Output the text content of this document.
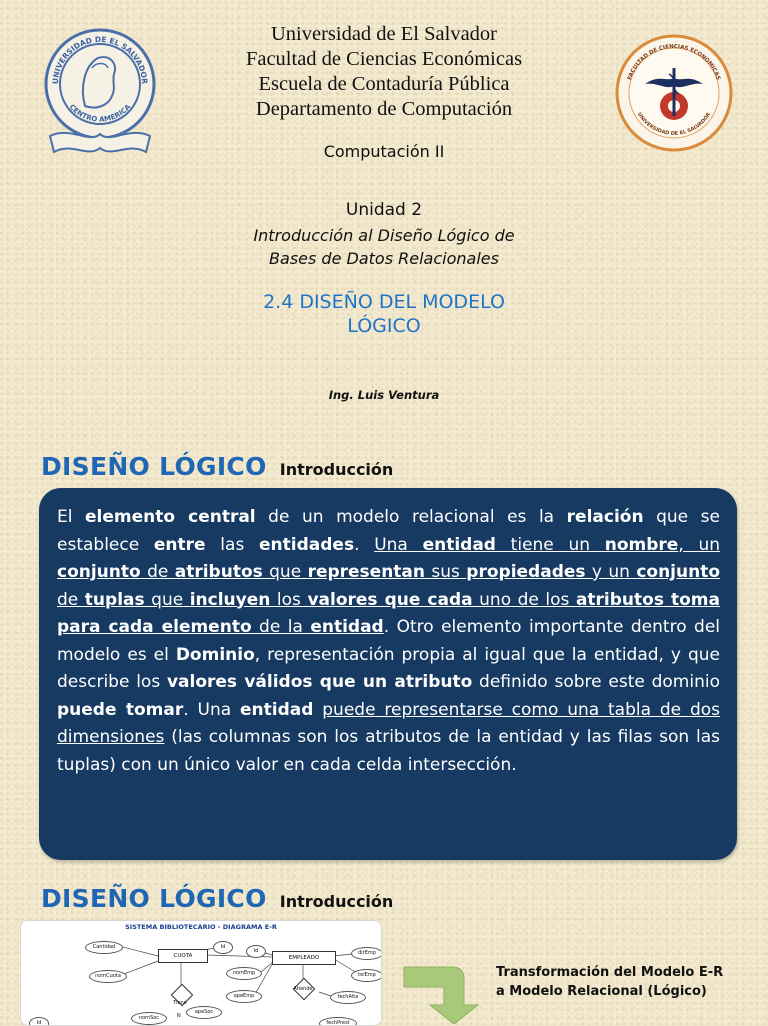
UNIVERSIDAD DE EL SALVADOR
CENTRO AMERICA
FACULTAD DE CIENCIAS ECONOMICAS
UNIVERSIDAD DE EL SALVADOR
Universidad de El Salvador
Facultad de Ciencias Económicas
Escuela de Contaduría Pública
Departamento de Computación
Computación II
Unidad 2
Introducción al Diseño Lógico de
Bases de Datos Relacionales
2.4 DISEÑO DEL MODELO
LÓGICO
Ing. Luis Ventura
DISEÑO LÓGICO Introducción
El elemento central de un modelo relacional es la relación que se establece entre las entidades. Una entidad tiene un nombre, un conjunto de atributos que representan sus propiedades y un conjunto de tuplas que incluyen los valores que cada uno de los atributos toma para cada elemento de la entidad. Otro elemento importante dentro del modelo es el Dominio, representación propia al igual que la entidad, y que describe los valores válidos que un atributo definido sobre este dominio puede tomar. Una entidad puede representarse como una tabla de dos dimensiones (las columnas son los atributos de la entidad y las filas son las tuplas) con un único valor en cada celda intersección.
DISEÑO LÓGICO Introducción
SISTEMA BIBLIOTECARIO - DIAGRAMA E-R
Cantidad
nomCuota
CUOTA
Id
Id
EMPLEADO
nomEmp
dirEmp
telEmp
apeEmp	fechAlta
Tiene
Atiende
apeSoc
nomSoc
Id	fechPrest
N
Transformación del Modelo E-R
a Modelo Relacional (Lógico)
